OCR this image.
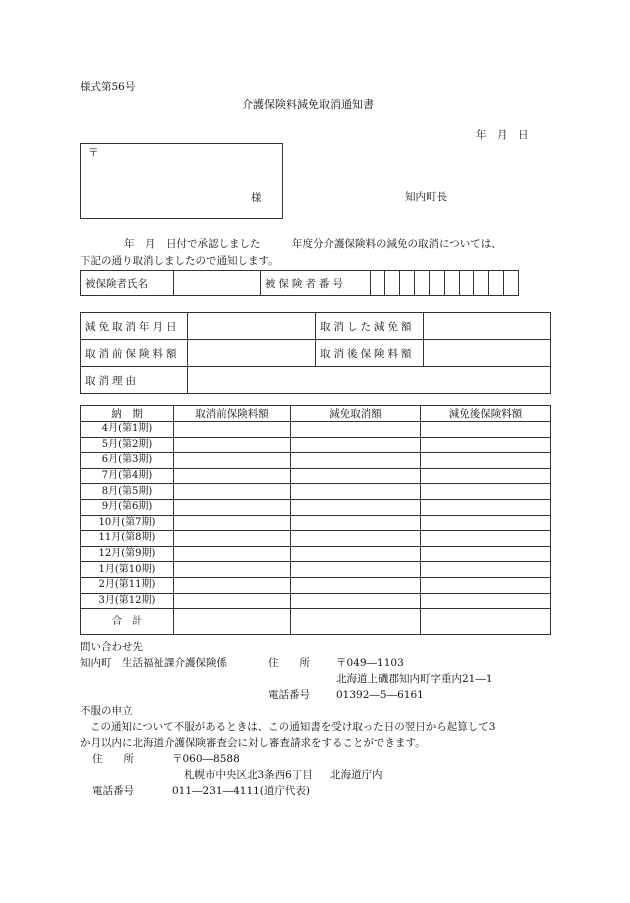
様式第56号
介護保険料減免取消通知書
年　月　日
〒
様	知内町長
年　月　日付で承認しました　　　年度分介護保険料の減免の取消については、
下記の通り取消しましたので通知します。
被保険者氏名		被保険者番号										
減免取消年月日		取消した減免額	
取消前保険料額		取消後保険料額	
取消理由			
納　期	取消前保険料額	減免取消額	減免後保険料額
4月(第1期)			
5月(第2期)			
6月(第3期)			
7月(第4期)			
8月(第5期)			
9月(第6期)			
10月(第7期)			
11月(第8期)			
12月(第9期)			
1月(第10期)			
2月(第11期)			
3月(第12期)			
合　計			
問い合わせ先
知内町　生活福祉課介護保険係	住　　所 〒049―1103
北海道上磯郡知内町字重内21―1
電話番号 01392―5―6161
不服の申立
この通知について不服があるときは、この通知書を受け取った日の翌日から起算して3
か月以内に北海道介護保険審査会に対し審査請求をすることができます。
住　　所	〒060―8588
札幌市中央区北3条西6丁目 北海道庁内
電話番号	011―231―4111(道庁代表)
